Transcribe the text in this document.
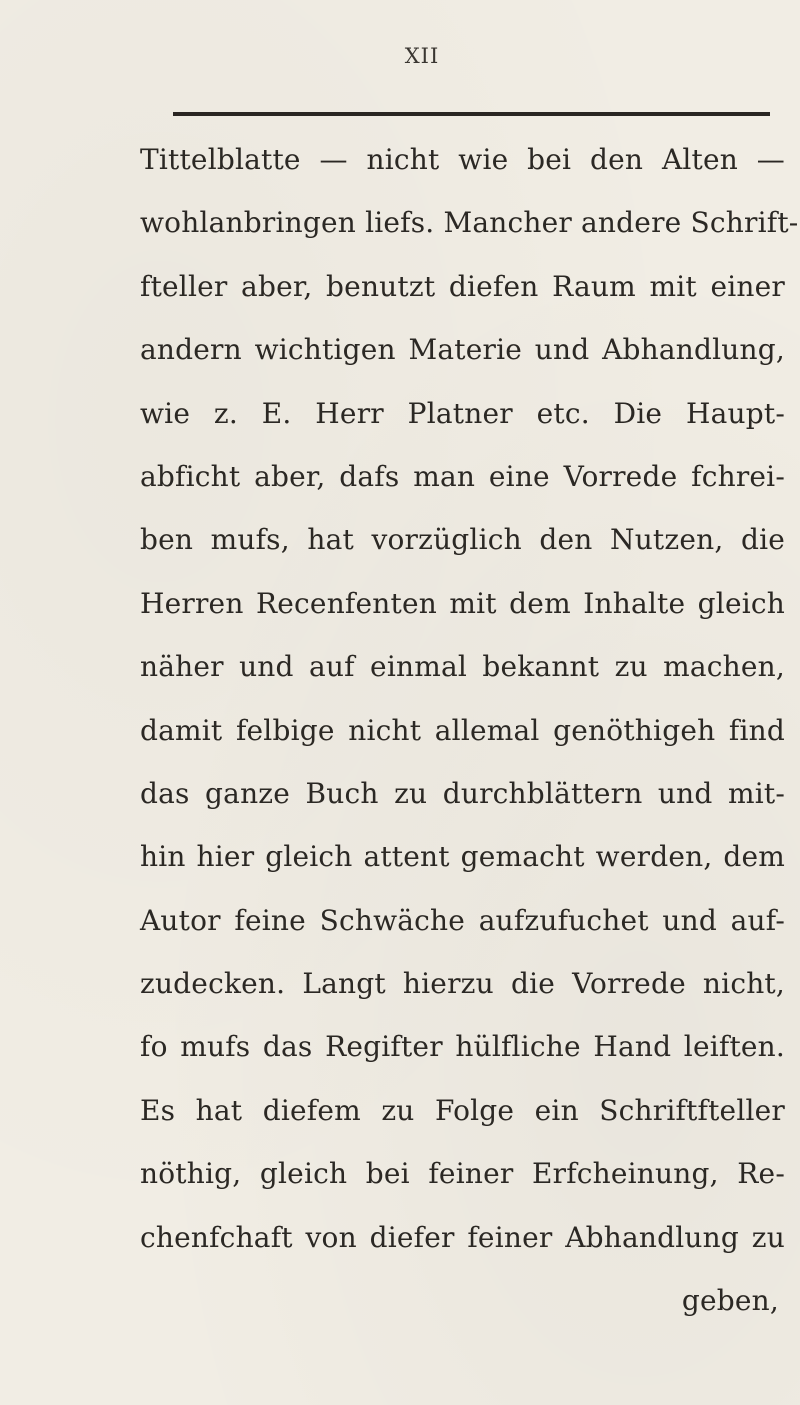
XII
Tittelblatte — nicht wie bei den Alten —
wohlanbringen liefs. Mancher andere Schrift-
fteller aber, benutzt diefen Raum mit einer
andern wichtigen Materie und Abhandlung,
wie z. E. Herr Platner etc. Die Haupt-
abficht aber, dafs man eine Vorrede fchrei-
ben mufs, hat vorzüglich den Nutzen, die
Herren Recenfenten mit dem Inhalte gleich
näher und auf einmal bekannt zu machen,
damit felbige nicht allemal genöthigeh find
das ganze Buch zu durchblättern und mit-
hin hier gleich attent gemacht werden, dem
Autor feine Schwäche aufzufuchet und auf-
zudecken. Langt hierzu die Vorrede nicht,
fo mufs das Regifter hülfliche Hand leiften.
Es hat diefem zu Folge ein Schriftfteller
nöthig, gleich bei feiner Erfcheinung, Re-
chenfchaft von diefer feiner Abhandlung zu
geben,
